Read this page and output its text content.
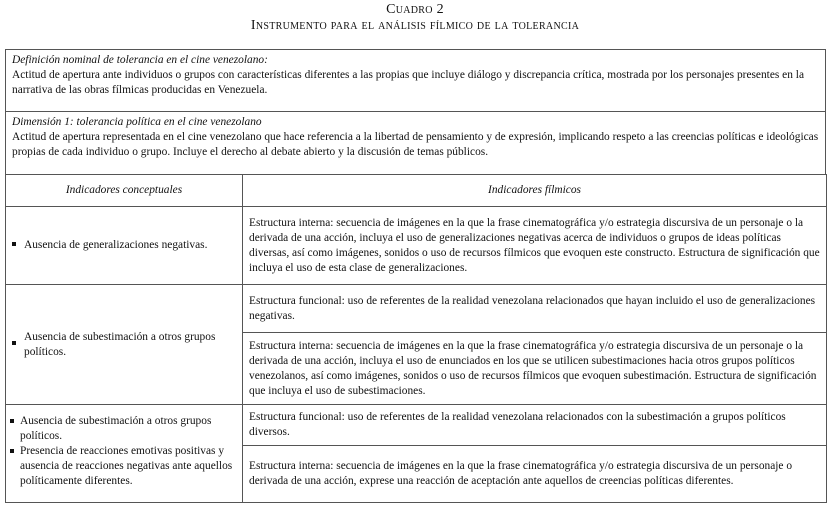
Cuadro 2
Instrumento para el análisis fílmico de la tolerancia
Definición nominal de tolerancia en el cine venezolano:
Actitud de apertura ante individuos o grupos con características diferentes a las propias que incluye diálogo y discrepancia crítica, mostrada por los personajes presentes en la narrativa de las obras fílmicas producidas en Venezuela.
Dimensión 1: tolerancia política en el cine venezolano
Actitud de apertura representada en el cine venezolano que hace referencia a la libertad de pensamiento y de expresión, implicando respeto a las creencias políticas e ideológicas propias de cada individuo o grupo. Incluye el derecho al debate abierto y la discusión de temas públicos.
Indicadores conceptuales	Indicadores fílmicos

Ausencia de generalizaciones negativas.	Estructura interna: secuencia de imágenes en la que la frase cinematográfica y/o estrategia discursiva de un personaje o la derivada de una acción, incluya el uso de generalizaciones negativas acerca de individuos o grupos de ideas políticas diversas, así como imágenes, sonidos o uso de recursos fílmicos que evoquen este constructo. Estructura de significación que incluya el uso de esta clase de generalizaciones.

Ausencia de subestimación a otros grupos políticos.	Estructura funcional: uso de referentes de la realidad venezolana relacionados que hayan incluido el uso de generalizaciones negativas.
	Estructura interna: secuencia de imágenes en la que la frase cinematográfica y/o estrategia discursiva de un personaje o la derivada de una acción, incluya el uso de enunciados en los que se utilicen subestimaciones hacia otros grupos políticos venezolanos, así como imágenes, sonidos o uso de recursos fílmicos que evoquen subestimación. Estructura de significación que incluya el uso de subestimaciones.

Ausencia de subestimación a otros grupos políticos.
Presencia de reacciones emotivas positivas y ausencia de reacciones negativas ante aquellos políticamente diferentes.	Estructura funcional: uso de referentes de la realidad venezolana relacionados con la subestimación a grupos políticos diversos.
	Estructura interna: secuencia de imágenes en la que la frase cinematográfica y/o estrategia discursiva de un personaje o derivada de una acción, exprese una reacción de aceptación ante aquellos de creencias políticas diferentes.
